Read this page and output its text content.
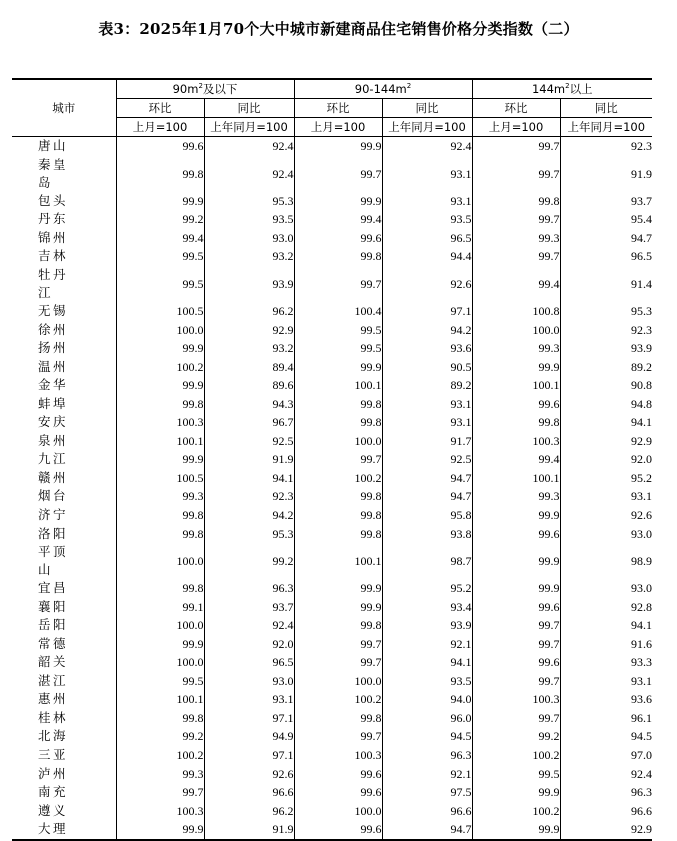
表3：2025年1月70个大中城市新建商品住宅销售价格分类指数（二）
城市	$90m^2$及以下		$90-144m^2$		$144m^2$以上	
	环比	同比	环比	同比	环比	同比
	上月=100	上年同月=100	上月=100	上年同月=100	上月=100	上年同月=100
唐山	99.6	92.4	99.9	92.4	99.7	92.3
秦皇岛	99.8	92.4	99.7	93.1	99.7	91.9
包头	99.9	95.3	99.9	93.1	99.8	93.7
丹东	99.2	93.5	99.4	93.5	99.7	95.4
锦州	99.4	93.0	99.6	96.5	99.3	94.7
吉林	99.5	93.2	99.8	94.4	99.7	96.5
牡丹江	99.5	93.9	99.7	92.6	99.4	91.4
无锡	100.5	96.2	100.4	97.1	100.8	95.3
徐州	100.0	92.9	99.5	94.2	100.0	92.3
扬州	99.9	93.2	99.5	93.6	99.3	93.9
温州	100.2	89.4	99.9	90.5	99.9	89.2
金华	99.9	89.6	100.1	89.2	100.1	90.8
蚌埠	99.8	94.3	99.8	93.1	99.6	94.8
安庆	100.3	96.7	99.8	93.1	99.8	94.1
泉州	100.1	92.5	100.0	91.7	100.3	92.9
九江	99.9	91.9	99.7	92.5	99.4	92.0
赣州	100.5	94.1	100.2	94.7	100.1	95.2
烟台	99.3	92.3	99.8	94.7	99.3	93.1
济宁	99.8	94.2	99.8	95.8	99.9	92.6
洛阳	99.8	95.3	99.8	93.8	99.6	93.0
平顶山	100.0	99.2	100.1	98.7	99.9	98.9
宜昌	99.8	96.3	99.9	95.2	99.9	93.0
襄阳	99.1	93.7	99.9	93.4	99.6	92.8
岳阳	100.0	92.4	99.8	93.9	99.7	94.1
常德	99.9	92.0	99.7	92.1	99.7	91.6
韶关	100.0	96.5	99.7	94.1	99.6	93.3
湛江	99.5	93.0	100.0	93.5	99.7	93.1
惠州	100.1	93.1	100.2	94.0	100.3	93.6
桂林	99.8	97.1	99.8	96.0	99.7	96.1
北海	99.2	94.9	99.7	94.5	99.2	94.5
三亚	100.2	97.1	100.3	96.3	100.2	97.0
泸州	99.3	92.6	99.6	92.1	99.5	92.4
南充	99.7	96.6	99.6	97.5	99.9	96.3
遵义	100.3	96.2	100.0	96.6	100.2	96.6
大理	99.9	91.9	99.6	94.7	99.9	92.9
